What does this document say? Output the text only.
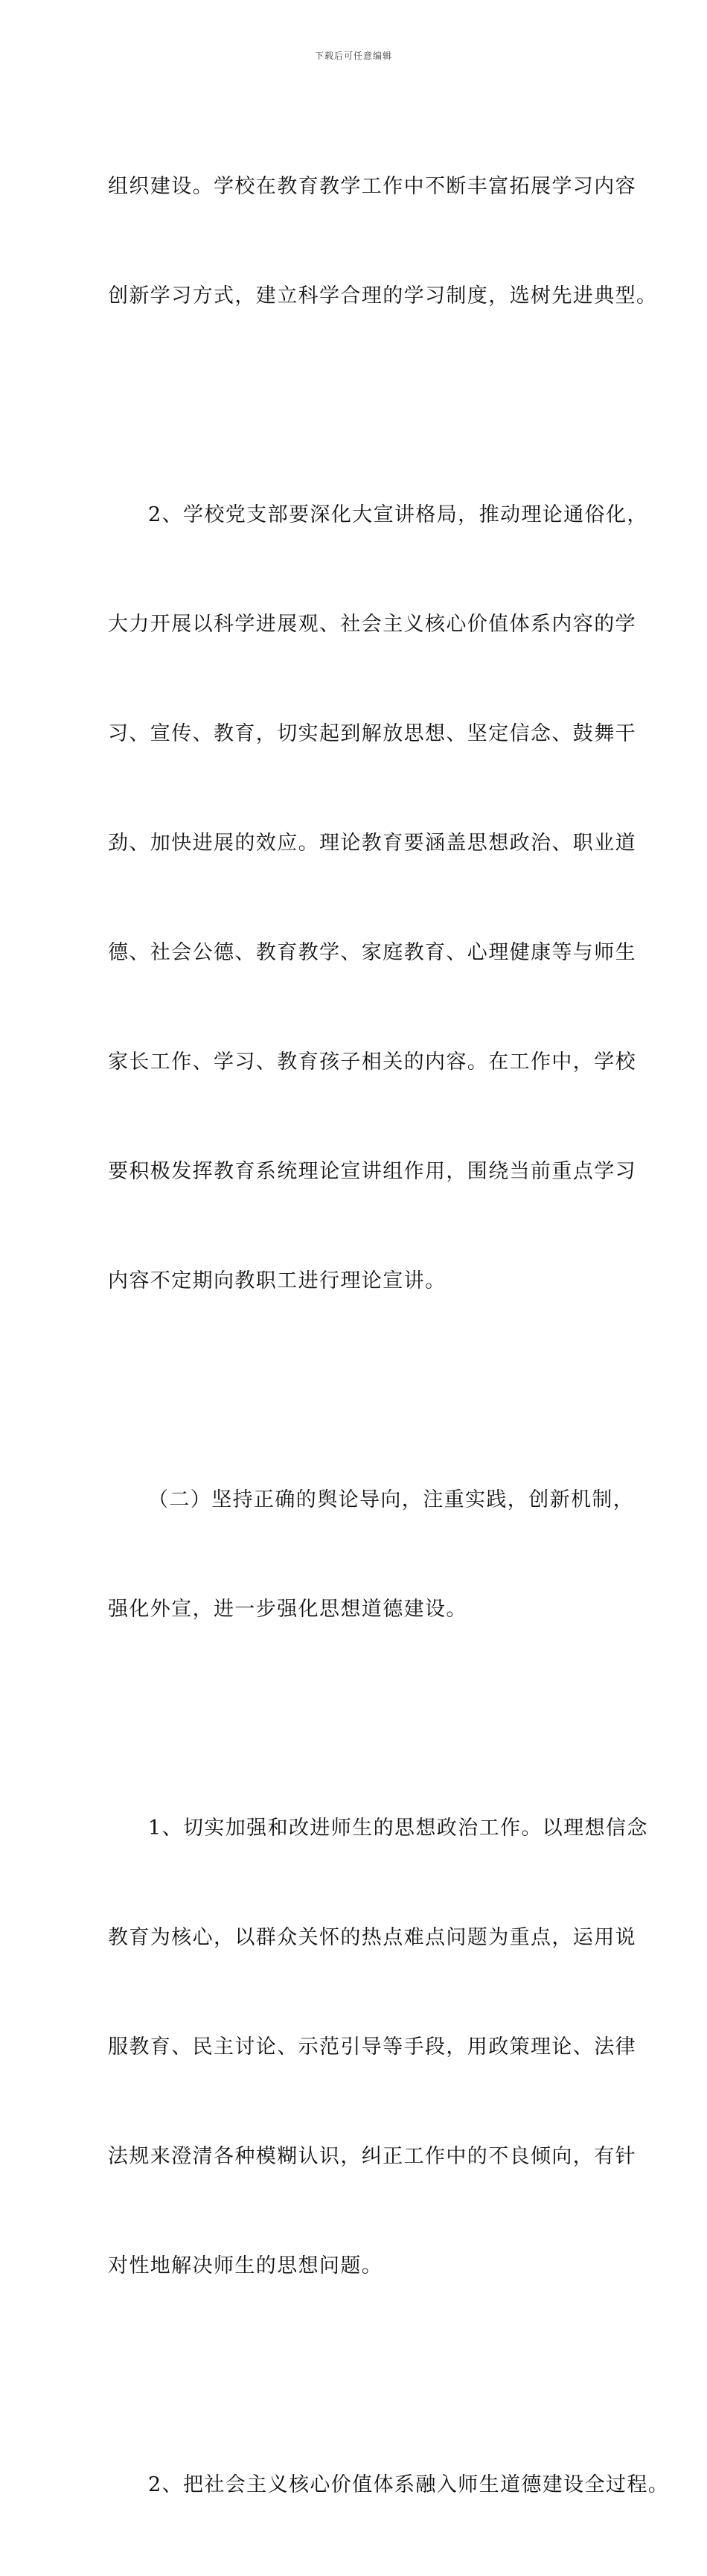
下载后可任意编辑

组织建设。学校在教育教学工作中不断丰富拓展学习内容

创新学习方式，建立科学合理的学习制度，选树先进典型。

2、学校党支部要深化大宣讲格局，推动理论通俗化，

大力开展以科学进展观、社会主义核心价值体系内容的学

习、宣传、教育，切实起到解放思想、坚定信念、鼓舞干

劲、加快进展的效应。理论教育要涵盖思想政治、职业道

德、社会公德、教育教学、家庭教育、心理健康等与师生

家长工作、学习、教育孩子相关的内容。在工作中，学校

要积极发挥教育系统理论宣讲组作用，围绕当前重点学习

内容不定期向教职工进行理论宣讲。

（二）坚持正确的舆论导向，注重实践，创新机制，

强化外宣，进一步强化思想道德建设。

1、切实加强和改进师生的思想政治工作。以理想信念

教育为核心，以群众关怀的热点难点问题为重点，运用说

服教育、民主讨论、示范引导等手段，用政策理论、法律

法规来澄清各种模糊认识，纠正工作中的不良倾向，有针

对性地解决师生的思想问题。

2、把社会主义核心价值体系融入师生道德建设全过程。
